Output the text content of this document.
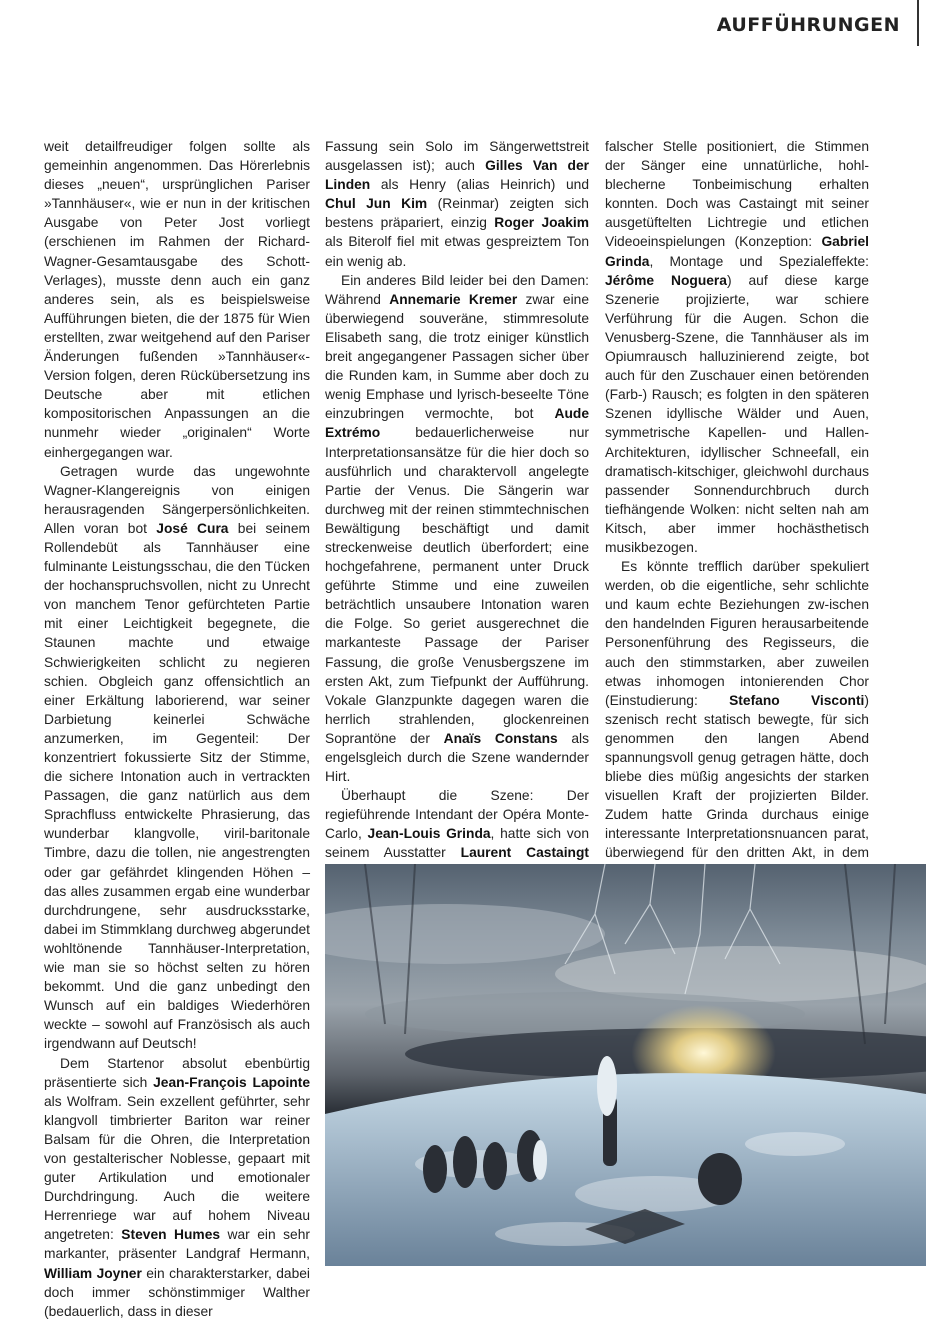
AUFFÜHRUNGEN

weit detailfreudiger folgen sollte als gemeinhin angenommen. Das Hörerlebnis dieses „neuen“, ursprünglichen Pariser »Tannhäuser«, wie er nun in der kritischen Ausgabe von Peter Jost vorliegt (erschienen im Rahmen der Richard-Wagner-Gesamtausgabe des Schott-Verlages), musste denn auch ein ganz anderes sein, als es beispielsweise Aufführungen bieten, die der 1875 für Wien erstellten, zwar weitgehend auf den Pariser Änderungen fußenden »Tannhäuser«-Version folgen, deren Rückübersetzung ins Deutsche aber mit etlichen kompositorischen Anpassungen an die nunmehr wieder „originalen“ Worte einhergegangen war.

Getragen wurde das ungewohnte Wagner-Klangereignis von einigen herausragenden Sängerpersönlichkeiten. Allen voran bot José Cura bei seinem Rollendebüt als Tannhäuser eine fulminante Leistungsschau, die den Tücken der hochanspruchsvollen, nicht zu Unrecht von manchem Tenor gefürchteten Partie mit einer Leichtigkeit begegnete, die Staunen machte und etwaige Schwierigkeiten schlicht zu negieren schien. Obgleich ganz offensichtlich an einer Erkältung laborierend, war seiner Darbietung keinerlei Schwäche anzumerken, im Gegenteil: Der konzentriert fokussierte Sitz der Stimme, die sichere Intonation auch in vertrackten Passagen, die ganz natürlich aus dem Sprachfluss entwickelte Phrasierung, das wunderbar klangvolle, viril-baritonale Timbre, dazu die tollen, nie angestrengten oder gar gefährdet klingenden Höhen – das alles zusammen ergab eine wunderbar durchdrungene, sehr ausdrucksstarke, dabei im Stimmklang durchweg abgerundet wohltönende Tannhäuser-Interpretation, wie man sie so höchst selten zu hören bekommt. Und die ganz unbedingt den Wunsch auf ein baldiges Wiederhören weckte – sowohl auf Französisch als auch irgendwann auf Deutsch!

Dem Startenor absolut ebenbürtig präsentierte sich Jean-François Lapointe als Wolfram. Sein exzellent geführter, sehr klangvoll timbrierter Bariton war reiner Balsam für die Ohren, die Interpretation von gestalterischer Noblesse, gepaart mit guter Artikulation und emotionaler Durchdringung. Auch die weitere Herrenriege war auf hohem Niveau angetreten: Steven Humes war ein sehr markanter, präsenter Landgraf Hermann, William Joyner ein charakterstarker, dabei doch immer schönstimmiger Walther (bedauerlich, dass in dieser

Fassung sein Solo im Sängerwettstreit ausgelassen ist); auch Gilles Van der Linden als Henry (alias Heinrich) und Chul Jun Kim (Reinmar) zeigten sich bestens präpariert, einzig Roger Joakim als Biterolf fiel mit etwas gespreiztem Ton ein wenig ab.

Ein anderes Bild leider bei den Damen: Während Annemarie Kremer zwar eine überwiegend souveräne, stimmresolute Elisabeth sang, die trotz einiger künstlich breit angegangener Passagen sicher über die Runden kam, in Summe aber doch zu wenig Emphase und lyrisch-beseelte Töne einzubringen vermochte, bot Aude Extrémo bedauerlicherweise nur Interpretationsansätze für die hier doch so ausführlich und charaktervoll angelegte Partie der Venus. Die Sängerin war durchweg mit der reinen stimmtechnischen Bewältigung beschäftigt und damit streckenweise deutlich überfordert; eine hochgefahrene, permanent unter Druck geführte Stimme und eine zuweilen beträchtlich unsaubere Intonation waren die Folge. So geriet ausgerechnet die markanteste Passage der Pariser Fassung, die große Venusbergszene im ersten Akt, zum Tiefpunkt der Aufführung. Vokale Glanzpunkte dagegen waren die herrlich strahlenden, glockenreinen Soprantöne der Anaïs Constans als engelsgleich durch die Szene wandernder Hirt.

Überhaupt die Szene: Der regieführende Intendant der Opéra Monte-Carlo, Jean-Louis Grinda, hatte sich von seinem Ausstatter Laurent Castaingt

falscher Stelle positioniert, die Stimmen der Sänger eine unnatürliche, hohl-blecherne Tonbeimischung erhalten konnten. Doch was Castaingt mit seiner ausgetüftelten Lichtregie und etlichen Videoeinspielungen (Konzeption: Gabriel Grinda, Montage und Spezialeffekte: Jérôme Noguera) auf diese karge Szenerie projizierte, war schiere Verführung für die Augen. Schon die Venusberg-Szene, die Tannhäuser als im Opiumrausch halluzinierend zeigte, bot auch für den Zuschauer einen betörenden (Farb-) Rausch; es folgten in den späteren Szenen idyllische Wälder und Auen, symmetrische Kapellen- und Hallen-Architekturen, idyllischer Schneefall, ein dramatisch-kitschiger, gleichwohl durchaus passender Sonnendurchbruch durch tiefhängende Wolken: nicht selten nah am Kitsch, aber immer hochästhetisch musikbezogen.

Es könnte trefflich darüber spekuliert werden, ob die eigentliche, sehr schlichte und kaum echte Beziehungen zw-ischen den handelnden Figuren herausarbeitende Personenführung des Regisseurs, die auch den stimmstarken, aber zuweilen etwas inhomogen intonierenden Chor (Einstudierung: Stefano Visconti) szenisch recht statisch bewegte, für sich genommen den langen Abend spannungsvoll genug getragen hätte, doch bliebe dies müßig angesichts der starken visuellen Kraft der projizierten Bilder. Zudem hatte Grinda durchaus einige interessante Interpretationsnuancen parat, überwiegend für den dritten Akt, in dem
